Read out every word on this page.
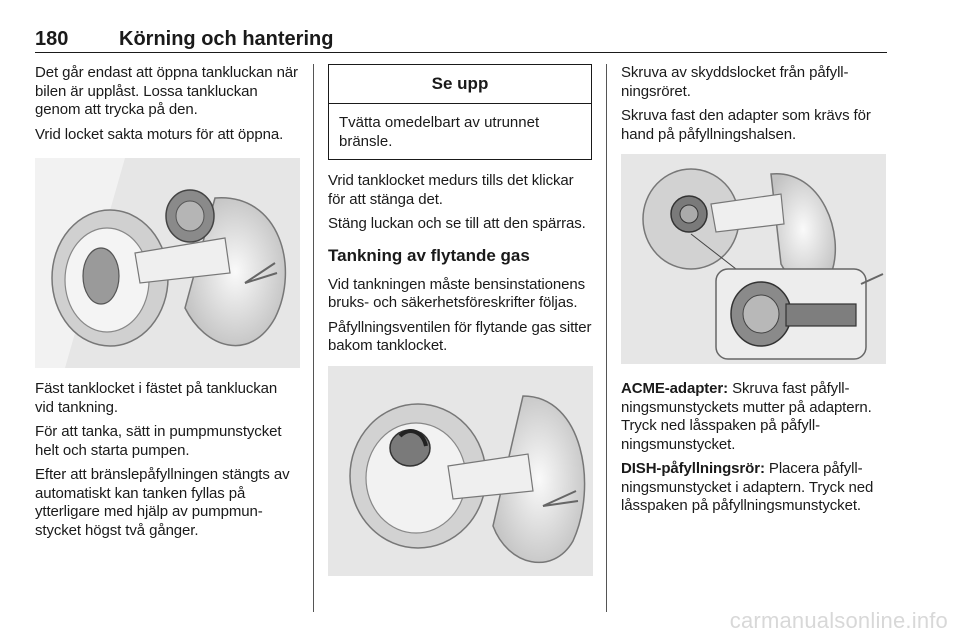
180	Körning och hantering

Det går endast att öppna tankluckan när bilen är upplåst. Lossa tankluckan genom att trycka på den.

Vrid locket sakta moturs för att öppna.

Fäst tanklocket i fästet på tankluckan vid tankning.

För att tanka, sätt in pumpmunstycket helt och starta pumpen.

Efter att bränslepåfyllningen stängts av automatiskt kan tanken fyllas på ytterligare med hjälp av pumpmunstycket högst två gånger.

Se upp
Tvätta omedelbart av utrunnet bränsle.

Vrid tanklocket medurs tills det klickar för att stänga det.

Stäng luckan och se till att den spärras.

Tankning av flytande gas

Vid tankningen måste bensinstationens bruks- och säkerhetsföreskrifter följas.

Påfyllningsventilen för flytande gas sitter bakom tanklocket.

Skruva av skyddslocket från påfyllningsröret.

Skruva fast den adapter som krävs för hand på påfyllningshalsen.

ACME-adapter: Skruva fast påfyllningsmunstyckets mutter på adaptern. Tryck ned låsspaken på påfyllningsmunstycket.

DISH-påfyllningsrör: Placera påfyllningsmunstycket i adaptern. Tryck ned låsspaken på påfyllningsmunstycket.

carmanualsonline.info
